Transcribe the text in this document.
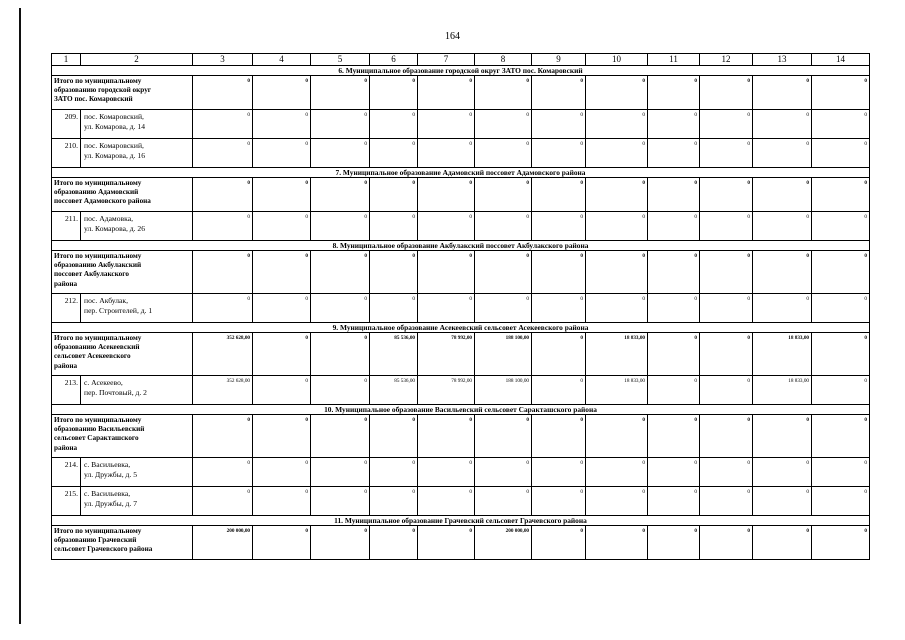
164
1	2	3	4	5	6	7	8	9	10	11	12	13	14
6. Муниципальное образование городской округ ЗАТО пос. Комаровский													

Итого по муниципальному
образованию городской округ
ЗАТО пос. Комаровский		0	0	0	0	0	0	0	0	0	0	0	0
209.	пос. Комаровский,
ул. Комарова, д. 14	0	0	0	0	0	0	0	0	0	0	0	0
210.	пос. Комаровский,
ул. Комарова, д. 16	0	0	0	0	0	0	0	0	0	0	0	0
7. Муниципальное образование Адамовский поссовет Адамовского района													

Итого по муниципальному
образованию Адамовский
поссовет Адамовского района		0	0	0	0	0	0	0	0	0	0	0	0
211.	пос. Адамовка,
ул. Комарова, д. 26	0	0	0	0	0	0	0	0	0	0	0	0
8. Муниципальное образование Акбулакский поссовет Акбулакского района													

Итого по муниципальному
образованию Акбулакский
поссовет Акбулакского
района		0	0	0	0	0	0	0	0	0	0	0	0
212.	пос. Акбулак,
пер. Строителей, д. 1	0	0	0	0	0	0	0	0	0	0	0	0
9. Муниципальное образование Асекеевский сельсовет Асекеевского района													

Итого по муниципальному
образованию Асекеевский
сельсовет Асекеевского
района		352 628,00	0	0	85 536,00	78 992,00	188 100,00	0	18 833,00	0	0	18 833,00	0
213.	с. Асекеево,
пер. Почтовый, д. 2	352 628,00	0	0	85 536,00	78 992,00	188 100,00	0	18 833,00	0	0	18 833,00	0
10. Муниципальное образование Васильевский сельсовет Саракташского района													

Итого по муниципальному
образованию Васильевский
сельсовет Саракташского
района		0	0	0	0	0	0	0	0	0	0	0	0
214.	с. Васильевка,
ул. Дружбы, д. 5	0	0	0	0	0	0	0	0	0	0	0	0
215.	с. Васильевка,
ул. Дружбы, д. 7	0	0	0	0	0	0	0	0	0	0	0	0
11. Муниципальное образование Грачевский сельсовет Грачевского района													

Итого по муниципальному
образованию Грачевский
сельсовет Грачевского района		200 000,00	0	0	0	0	200 000,00	0	0	0	0	0	0
